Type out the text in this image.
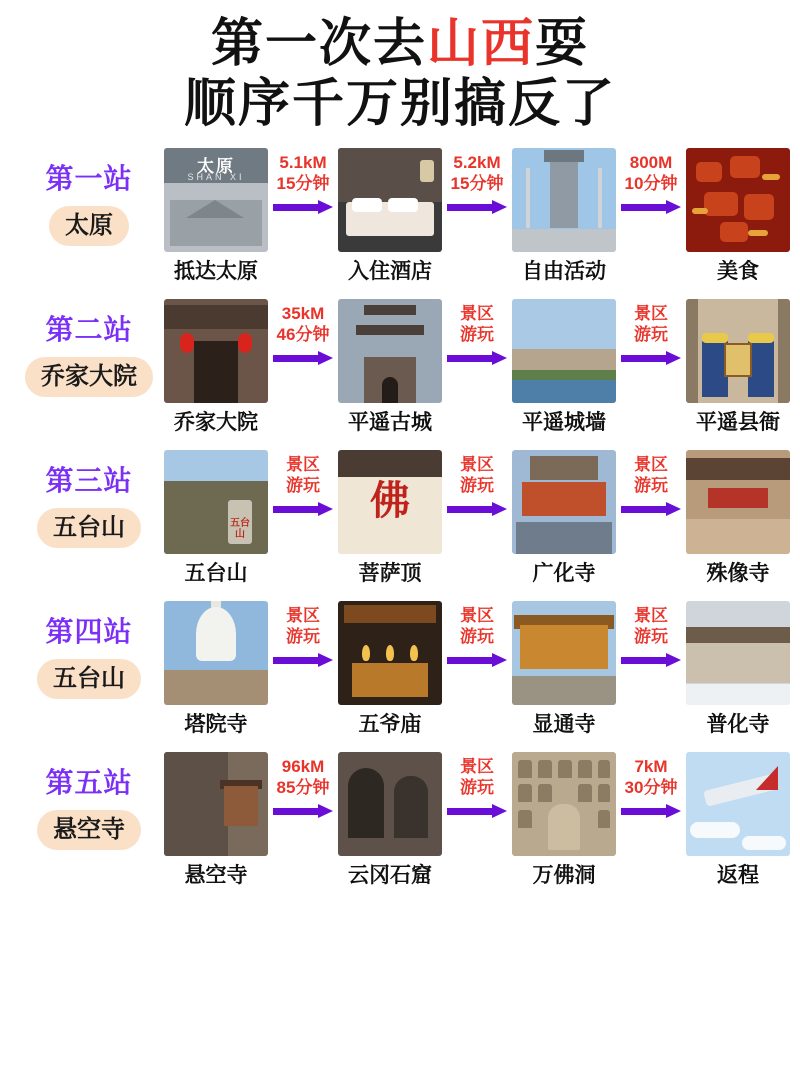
第一次去山西耍
顺序千万别搞反了
第一站
太原
太原
SHAN XI
抵达太原
5.1kM
15分钟
入住酒店
5.2kM
15分钟
自由活动
800M
10分钟
美食
第二站
乔家大院
乔家大院
35kM
46分钟
平遥古城
景区
游玩
平遥城墙
景区
游玩
平遥县衙
第三站
五台山	五台山
五台山
景区
游玩	佛
菩萨顶
景区
游玩
广化寺
景区
游玩
殊像寺
第四站
五台山
塔院寺
景区
游玩
五爷庙
景区
游玩
显通寺
景区
游玩
普化寺
第五站
悬空寺
悬空寺
96kM
85分钟
云冈石窟
景区
游玩
万佛洞
7kM
30分钟
返程
